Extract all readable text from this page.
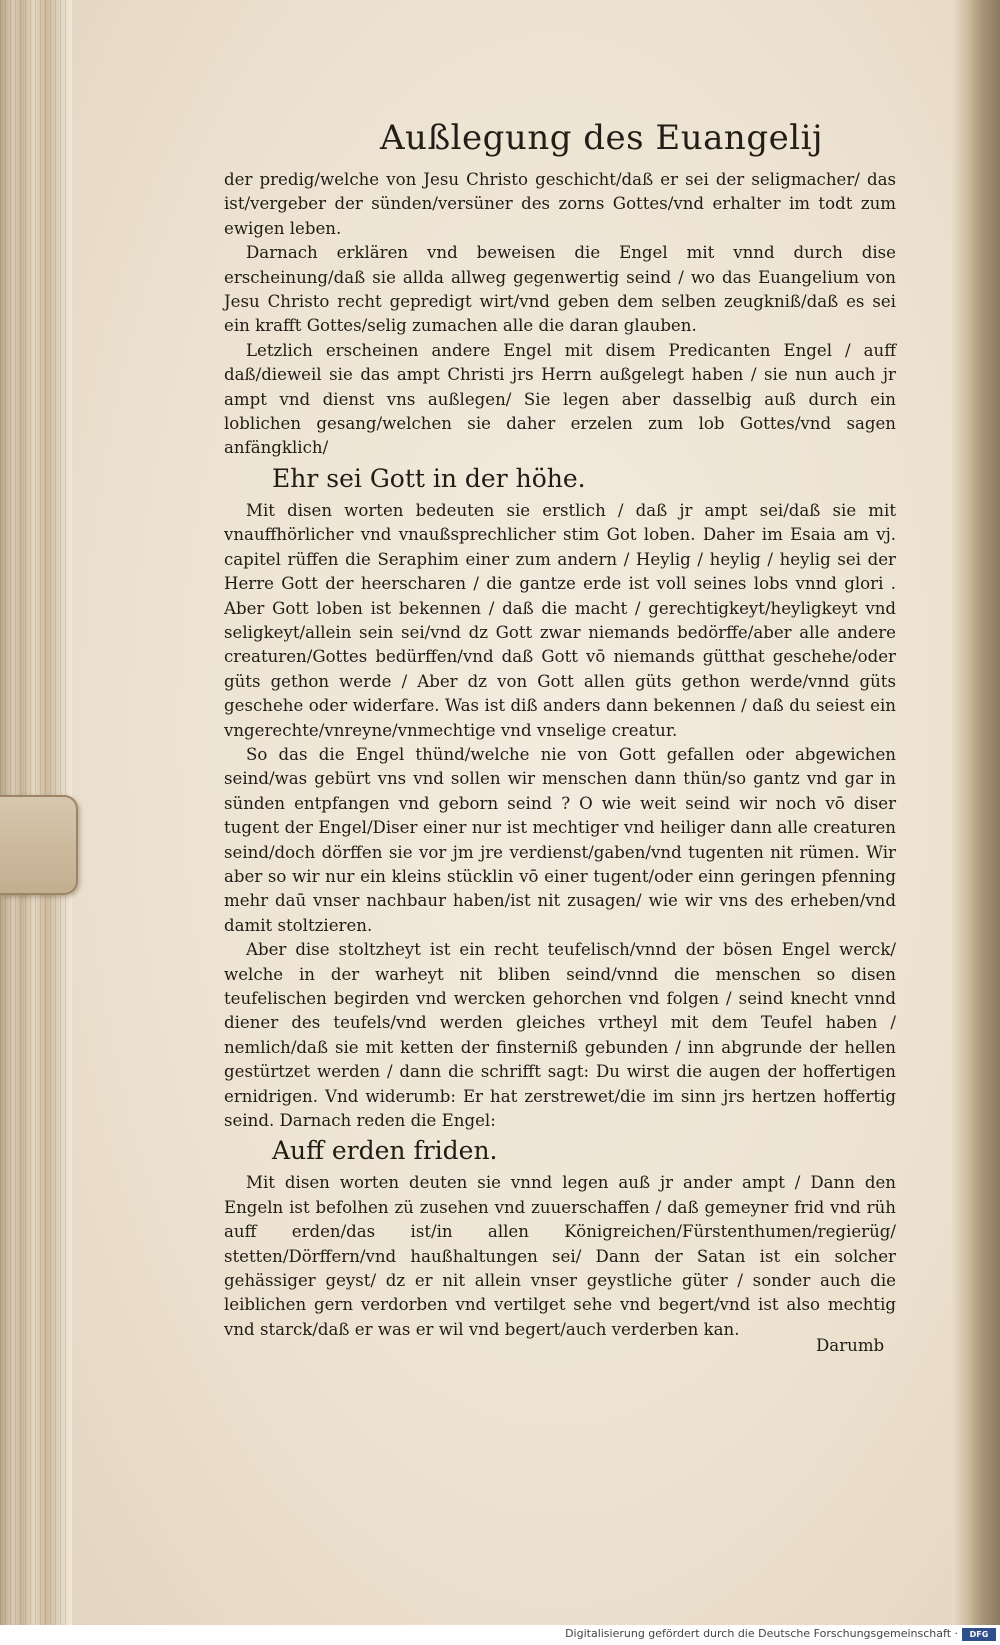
Außlegung des Euangelij

der predig/welche von Jesu Christo geschicht/daß er sei der seligmacher/ das ist/vergeber der sünden/versüner des zorns Gottes/vnd erhalter im todt zum ewigen leben.

Darnach erklären vnd beweisen die Engel mit vnnd durch dise erscheinung/daß sie allda allweg gegenwertig seind / wo das Euangelium von Jesu Christo recht gepredigt wirt/vnd geben dem selben zeugkniß/daß es sei ein krafft Gottes/selig zumachen alle die daran glauben.

Letzlich erscheinen andere Engel mit disem Predicanten Engel / auff daß/dieweil sie das ampt Christi jrs Herrn außgelegt haben / sie nun auch jr ampt vnd dienst vns außlegen/ Sie legen aber dasselbig auß durch ein loblichen gesang/welchen sie daher erzelen zum lob Gottes/vnd sagen anfängklich/

Ehr sei Gott in der höhe.

Mit disen worten bedeuten sie erstlich / daß jr ampt sei/daß sie mit vnauffhörlicher vnd vnaußsprechlicher stim Got loben. Daher im Esaia am vj. capitel rüffen die Seraphim einer zum andern / Heylig / heylig / heylig sei der Herre Gott der heerscharen / die gantze erde ist voll seines lobs vnnd glori . Aber Gott loben ist bekennen / daß die macht / gerechtigkeyt/heyligkeyt vnd seligkeyt/allein sein sei/vnd dz Gott zwar niemands bedörffe/aber alle andere creaturen/Gottes bedürffen/vnd daß Gott vō niemands gütthat geschehe/oder güts gethon werde / Aber dz von Gott allen güts gethon werde/vnnd güts geschehe oder widerfare. Was ist diß anders dann bekennen / daß du seiest ein vngerechte/vnreyne/vnmechtige vnd vnselige creatur.

So das die Engel thünd/welche nie von Gott gefallen oder abgewichen seind/was gebürt vns vnd sollen wir menschen dann thün/so gantz vnd gar in sünden entpfangen vnd geborn seind ? O wie weit seind wir noch vō diser tugent der Engel/Diser einer nur ist mechtiger vnd heiliger dann alle creaturen seind/doch dörffen sie vor jm jre verdienst/gaben/vnd tugenten nit rümen. Wir aber so wir nur ein kleins stücklin vō einer tugent/oder einn geringen pfenning mehr daū vnser nachbaur haben/ist nit zusagen/ wie wir vns des erheben/vnd damit stoltzieren.

Aber dise stoltzheyt ist ein recht teufelisch/vnnd der bösen Engel werck/ welche in der warheyt nit bliben seind/vnnd die menschen so disen teufelischen begirden vnd wercken gehorchen vnd folgen / seind knecht vnnd diener des teufels/vnd werden gleiches vrtheyl mit dem Teufel haben / nemlich/daß sie mit ketten der finsterniß gebunden / inn abgrunde der hellen gestürtzet werden / dann die schrifft sagt: Du wirst die augen der hoffertigen ernidrigen. Vnd widerumb: Er hat zerstrewet/die im sinn jrs hertzen hoffertig seind. Darnach reden die Engel:

Auff erden friden.

Mit disen worten deuten sie vnnd legen auß jr ander ampt / Dann den Engeln ist befolhen zü zusehen vnd zuuerschaffen / daß gemeyner frid vnd rüh auff erden/das ist/in allen Königreichen/Fürstenthumen/regierüg/ stetten/Dörffern/vnd haußhaltungen sei/ Dann der Satan ist ein solcher gehässiger geyst/ dz er nit allein vnser geystliche güter / sonder auch die leiblichen gern verdorben vnd vertilget sehe vnd begert/vnd ist also mechtig vnd starck/daß er was er wil vnd begert/auch verderben kan.

Darumb
Digitalisierung gefördert durch die Deutsche Forschungsgemeinschaft ·	DFG
